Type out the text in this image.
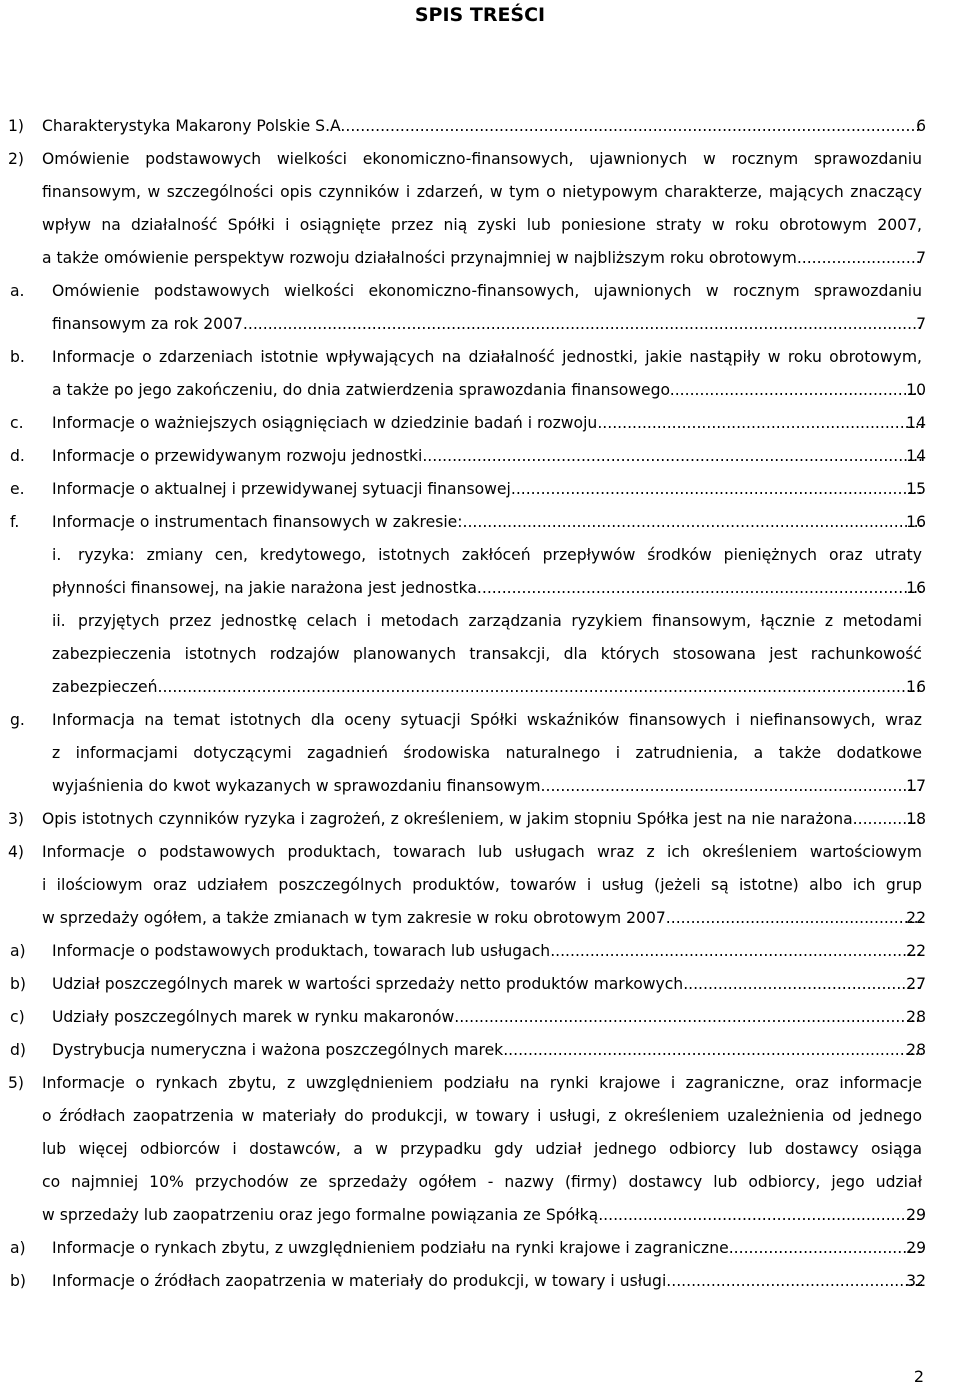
SPIS TREŚCI
1) Charakterystyka Makarony Polskie S.A. .....	6
2) Omówienie podstawowych wielkości ekonomiczno-finansowych, ujawnionych w rocznym sprawozdaniu
finansowym, w szczególności opis czynników i zdarzeń, w tym o nietypowym charakterze, mających znaczący
wpływ na działalność Spółki i osiągnięte przez nią zyski lub poniesione straty w roku obrotowym 2007,
a także omówienie perspektyw rozwoju działalności przynajmniej w najbliższym roku obrotowym .....	7
a. Omówienie podstawowych wielkości ekonomiczno-finansowych, ujawnionych w rocznym sprawozdaniu
finansowym za rok 2007 .....	7
b. Informacje o zdarzeniach istotnie wpływających na działalność jednostki, jakie nastąpiły w roku obrotowym,
a także po jego zakończeniu, do dnia zatwierdzenia sprawozdania finansowego. .....	10
c. Informacje o ważniejszych osiągnięciach w dziedzinie badań i rozwoju .....	14
d. Informacje o przewidywanym rozwoju jednostki .....	14
e. Informacje o aktualnej i przewidywanej sytuacji finansowej. .....	15
f. Informacje o instrumentach finansowych w zakresie: .....	16
i.	ryzyka: zmiany cen, kredytowego, istotnych zakłóceń przepływów środków pieniężnych oraz utraty
płynności finansowej, na jakie narażona jest jednostka .....	16
ii. przyjętych przez jednostkę celach i metodach zarządzania ryzykiem finansowym, łącznie z metodami
zabezpieczenia istotnych rodzajów planowanych transakcji, dla których stosowana jest rachunkowość
zabezpieczeń. .....	16
g. Informacja na temat istotnych dla oceny sytuacji Spółki wskaźników finansowych i niefinansowych, wraz
z informacjami dotyczącymi zagadnień środowiska naturalnego i zatrudnienia, a także dodatkowe
wyjaśnienia do kwot wykazanych w sprawozdaniu finansowym. .....	17
3) Opis istotnych czynników ryzyka i zagrożeń, z określeniem, w jakim stopniu Spółka jest na nie narażona .....	18
4) Informacje o podstawowych produktach, towarach lub usługach wraz z ich określeniem wartościowym
i ilościowym oraz udziałem poszczególnych produktów, towarów i usług (jeżeli są istotne) albo ich grup
w sprzedaży ogółem, a także zmianach w tym zakresie w roku obrotowym 2007 .....	22
a) Informacje o podstawowych produktach, towarach lub usługach .....	22
b) Udział poszczególnych marek w wartości sprzedaży netto produktów markowych .....	27
c) Udziały poszczególnych marek w rynku makaronów .....	28
d) Dystrybucja numeryczna i ważona poszczególnych marek .....	28
5) Informacje o rynkach zbytu, z uwzględnieniem podziału na rynki krajowe i zagraniczne, oraz informacje
o źródłach zaopatrzenia w materiały do produkcji, w towary i usługi, z określeniem uzależnienia od jednego
lub więcej odbiorców i dostawców, a w przypadku gdy udział jednego odbiorcy lub dostawcy osiąga
co najmniej 10% przychodów ze sprzedaży ogółem - nazwy (firmy) dostawcy lub odbiorcy, jego udział
w sprzedaży lub zaopatrzeniu oraz jego formalne powiązania ze Spółką. .....	29
a) Informacje o rynkach zbytu, z uwzględnieniem podziału na rynki krajowe i zagraniczne .....	29
b) Informacje o źródłach zaopatrzenia w materiały do produkcji, w towary i usługi .....	32
2
